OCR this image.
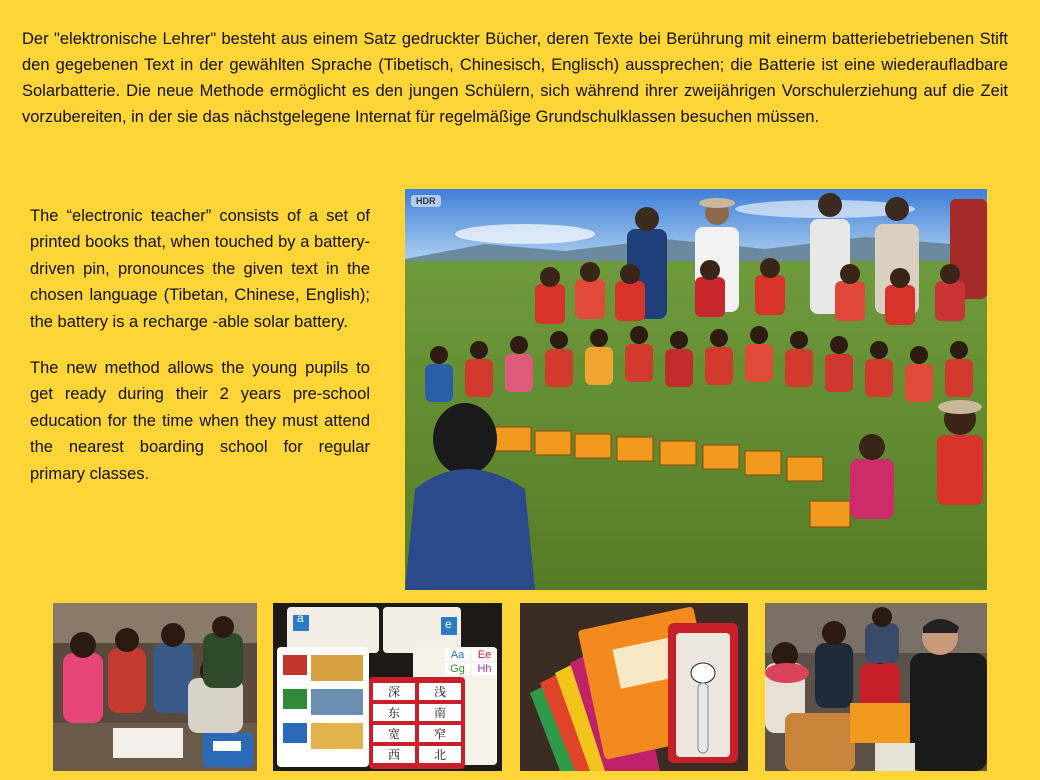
Der "elektronische Lehrer" besteht aus einem Satz gedruckter Bücher, deren Texte bei Berührung mit einerm batteriebetriebenen Stift den gegebenen Text in der gewählten Sprache (Tibetisch, Chinesisch, Englisch) aussprechen; die Batterie ist eine wiederaufladbare Solarbatterie. Die neue Methode ermöglicht es den jungen Schülern, sich während ihrer zweijährigen Vorschulerziehung auf die Zeit vorzubereiten, in der sie das nächstgelegene Internat für regelmäßige Grundschulklassen besuchen müssen.

The “electronic teacher” consists of a set of printed books that, when touched by a battery-driven pin, pronounces the given text in the chosen language (Tibetan, Chinese, English); the battery is a recharge -able solar battery.

The new method allows the young pupils to get ready during their 2 years pre-school education for the time when they must attend the nearest boarding school for regular primary classes.

HDR
Aa	Ee
Gg	Hh
a	e
深	浅
东	南
宽	窄
西	北
